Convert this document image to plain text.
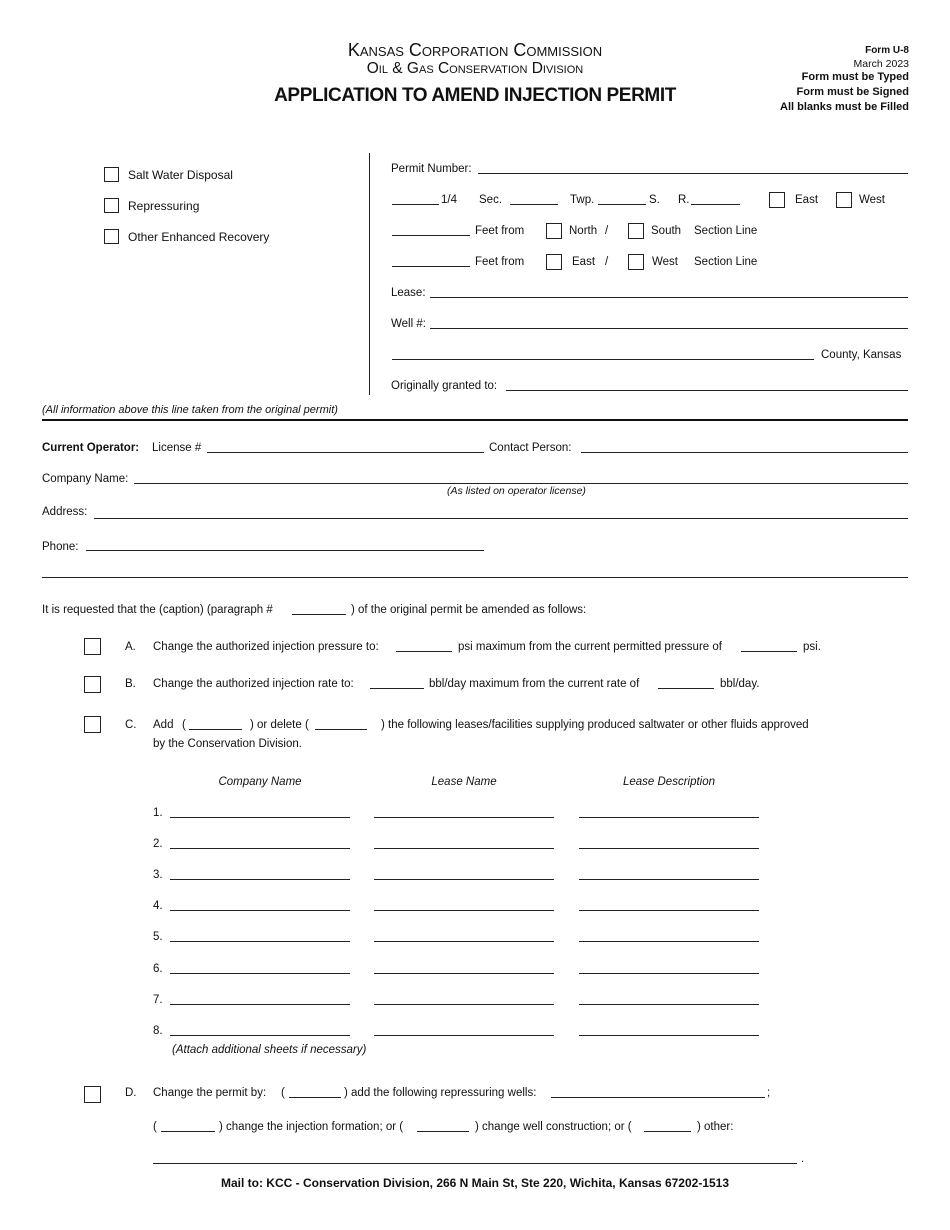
Kansas Corporation Commission
Oil & Gas Conservation Division
APPLICATION TO AMEND INJECTION PERMIT
Form U-8
March 2023
Form must be Typed
Form must be Signed
All blanks must be Filled
Salt Water Disposal
Repressuring
Other Enhanced Recovery
Permit Number:
1/4 Sec.	Twp.	S. R.	East	West
Feet from	North /	South Section Line
Feet from	East /	West Section Line
Lease:
Well #:
County, Kansas
Originally granted to:
(All information above this line taken from the original permit)
Current Operator: License #	Contact Person:
Company Name:
(As listed on operator license)
Address:
Phone:
It is requested that the (caption) (paragraph #	) of the original permit be amended as follows:
A. Change the authorized injection pressure to:	psi maximum from the current permitted pressure of	psi.
B. Change the authorized injection rate to:	bbl/day maximum from the current rate of	bbl/day.
C. Add (	) or delete (	) the following leases/facilities supplying produced saltwater or other fluids approved
by the Conservation Division.
Company Name	Lease Name	Lease Description
1.
2.
3.
4.
5.
6.
7.
8.
(Attach additional sheets if necessary)
D. Change the permit by: (	) add the following repressuring wells:	;
(	) change the injection formation; or (	) change well construction; or (	) other:
.
Mail to: KCC - Conservation Division, 266 N Main St, Ste 220, Wichita, Kansas 67202-1513
